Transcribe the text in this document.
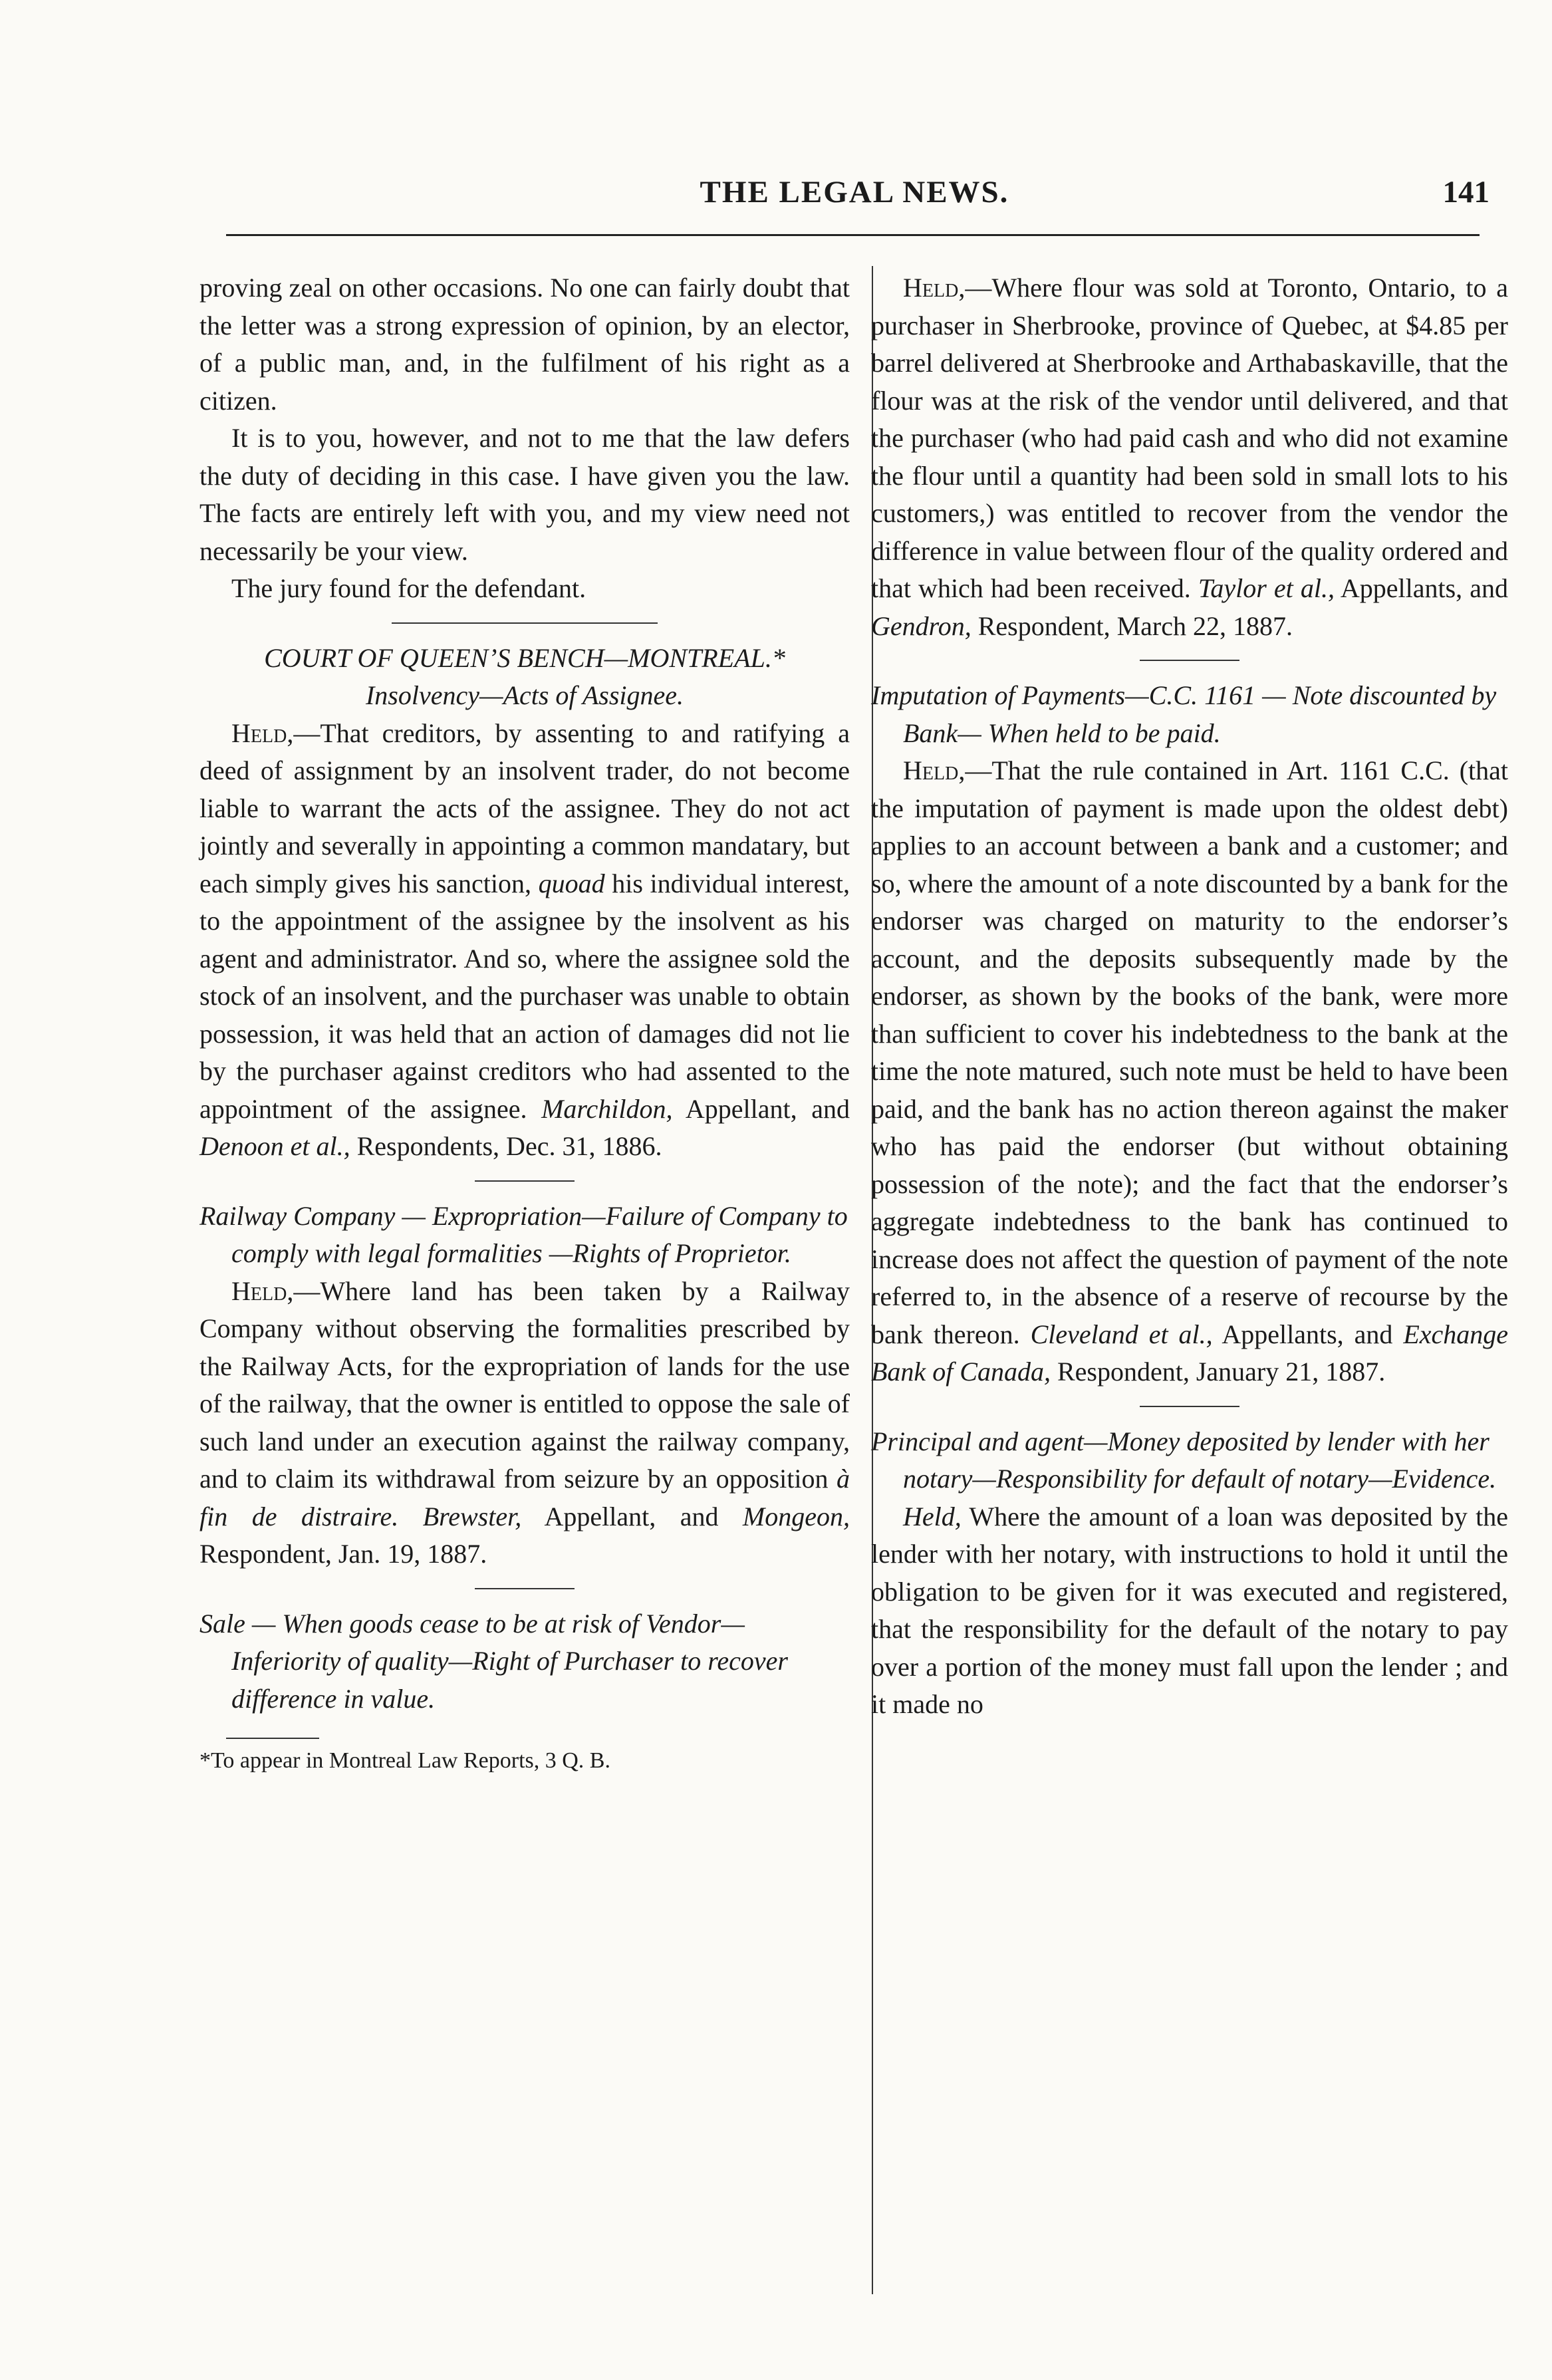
THE LEGAL NEWS.	141

proving zeal on other occasions. No one can fairly doubt that the letter was a strong expression of opinion, by an elector, of a public man, and, in the fulfilment of his right as a citizen.

It is to you, however, and not to me that the law defers the duty of deciding in this case. I have given you the law. The facts are entirely left with you, and my view need not necessarily be your view.

The jury found for the defendant.

COURT OF QUEEN’S BENCH—MONTREAL.*

Insolvency—Acts of Assignee.

Held,—That creditors, by assenting to and ratifying a deed of assignment by an insolvent trader, do not become liable to warrant the acts of the assignee. They do not act jointly and severally in appointing a common mandatary, but each simply gives his sanction, quoad his individual interest, to the appointment of the assignee by the insolvent as his agent and administrator. And so, where the assignee sold the stock of an insolvent, and the purchaser was unable to obtain possession, it was held that an action of damages did not lie by the purchaser against creditors who had assented to the appointment of the assignee. Marchildon, Appellant, and Denoon et al., Respondents, Dec. 31, 1886.

Railway Company — Expropriation—Failure of Company to comply with legal formalities —Rights of Proprietor.

Held,—Where land has been taken by a Railway Company without observing the formalities prescribed by the Railway Acts, for the expropriation of lands for the use of the railway, that the owner is entitled to oppose the sale of such land under an execution against the railway company, and to claim its withdrawal from seizure by an opposition à fin de distraire. Brewster, Appellant, and Mongeon, Respondent, Jan. 19, 1887.

Sale — When goods cease to be at risk of Vendor—Inferiority of quality—Right of Purchaser to recover difference in value.

*To appear in Montreal Law Reports, 3 Q. B.

Held,—Where flour was sold at Toronto, Ontario, to a purchaser in Sherbrooke, province of Quebec, at $4.85 per barrel delivered at Sherbrooke and Arthabaskaville, that the flour was at the risk of the vendor until delivered, and that the purchaser (who had paid cash and who did not examine the flour until a quantity had been sold in small lots to his customers,) was entitled to recover from the vendor the difference in value between flour of the quality ordered and that which had been received. Taylor et al., Appellants, and Gendron, Respondent, March 22, 1887.

Imputation of Payments—C.C. 1161 — Note discounted by Bank— When held to be paid.

Held,—That the rule contained in Art. 1161 C.C. (that the imputation of payment is made upon the oldest debt) applies to an account between a bank and a customer; and so, where the amount of a note discounted by a bank for the endorser was charged on maturity to the endorser’s account, and the deposits subsequently made by the endorser, as shown by the books of the bank, were more than sufficient to cover his indebtedness to the bank at the time the note matured, such note must be held to have been paid, and the bank has no action thereon against the maker who has paid the endorser (but without obtaining possession of the note); and the fact that the endorser’s aggregate indebtedness to the bank has continued to increase does not affect the question of payment of the note referred to, in the absence of a reserve of recourse by the bank thereon. Cleveland et al., Appellants, and Exchange Bank of Canada, Respondent, January 21, 1887.

Principal and agent—Money deposited by lender with her notary—Responsibility for default of notary—Evidence.

Held, Where the amount of a loan was deposited by the lender with her notary, with instructions to hold it until the obligation to be given for it was executed and registered, that the responsibility for the default of the notary to pay over a portion of the money must fall upon the lender ; and it made no
